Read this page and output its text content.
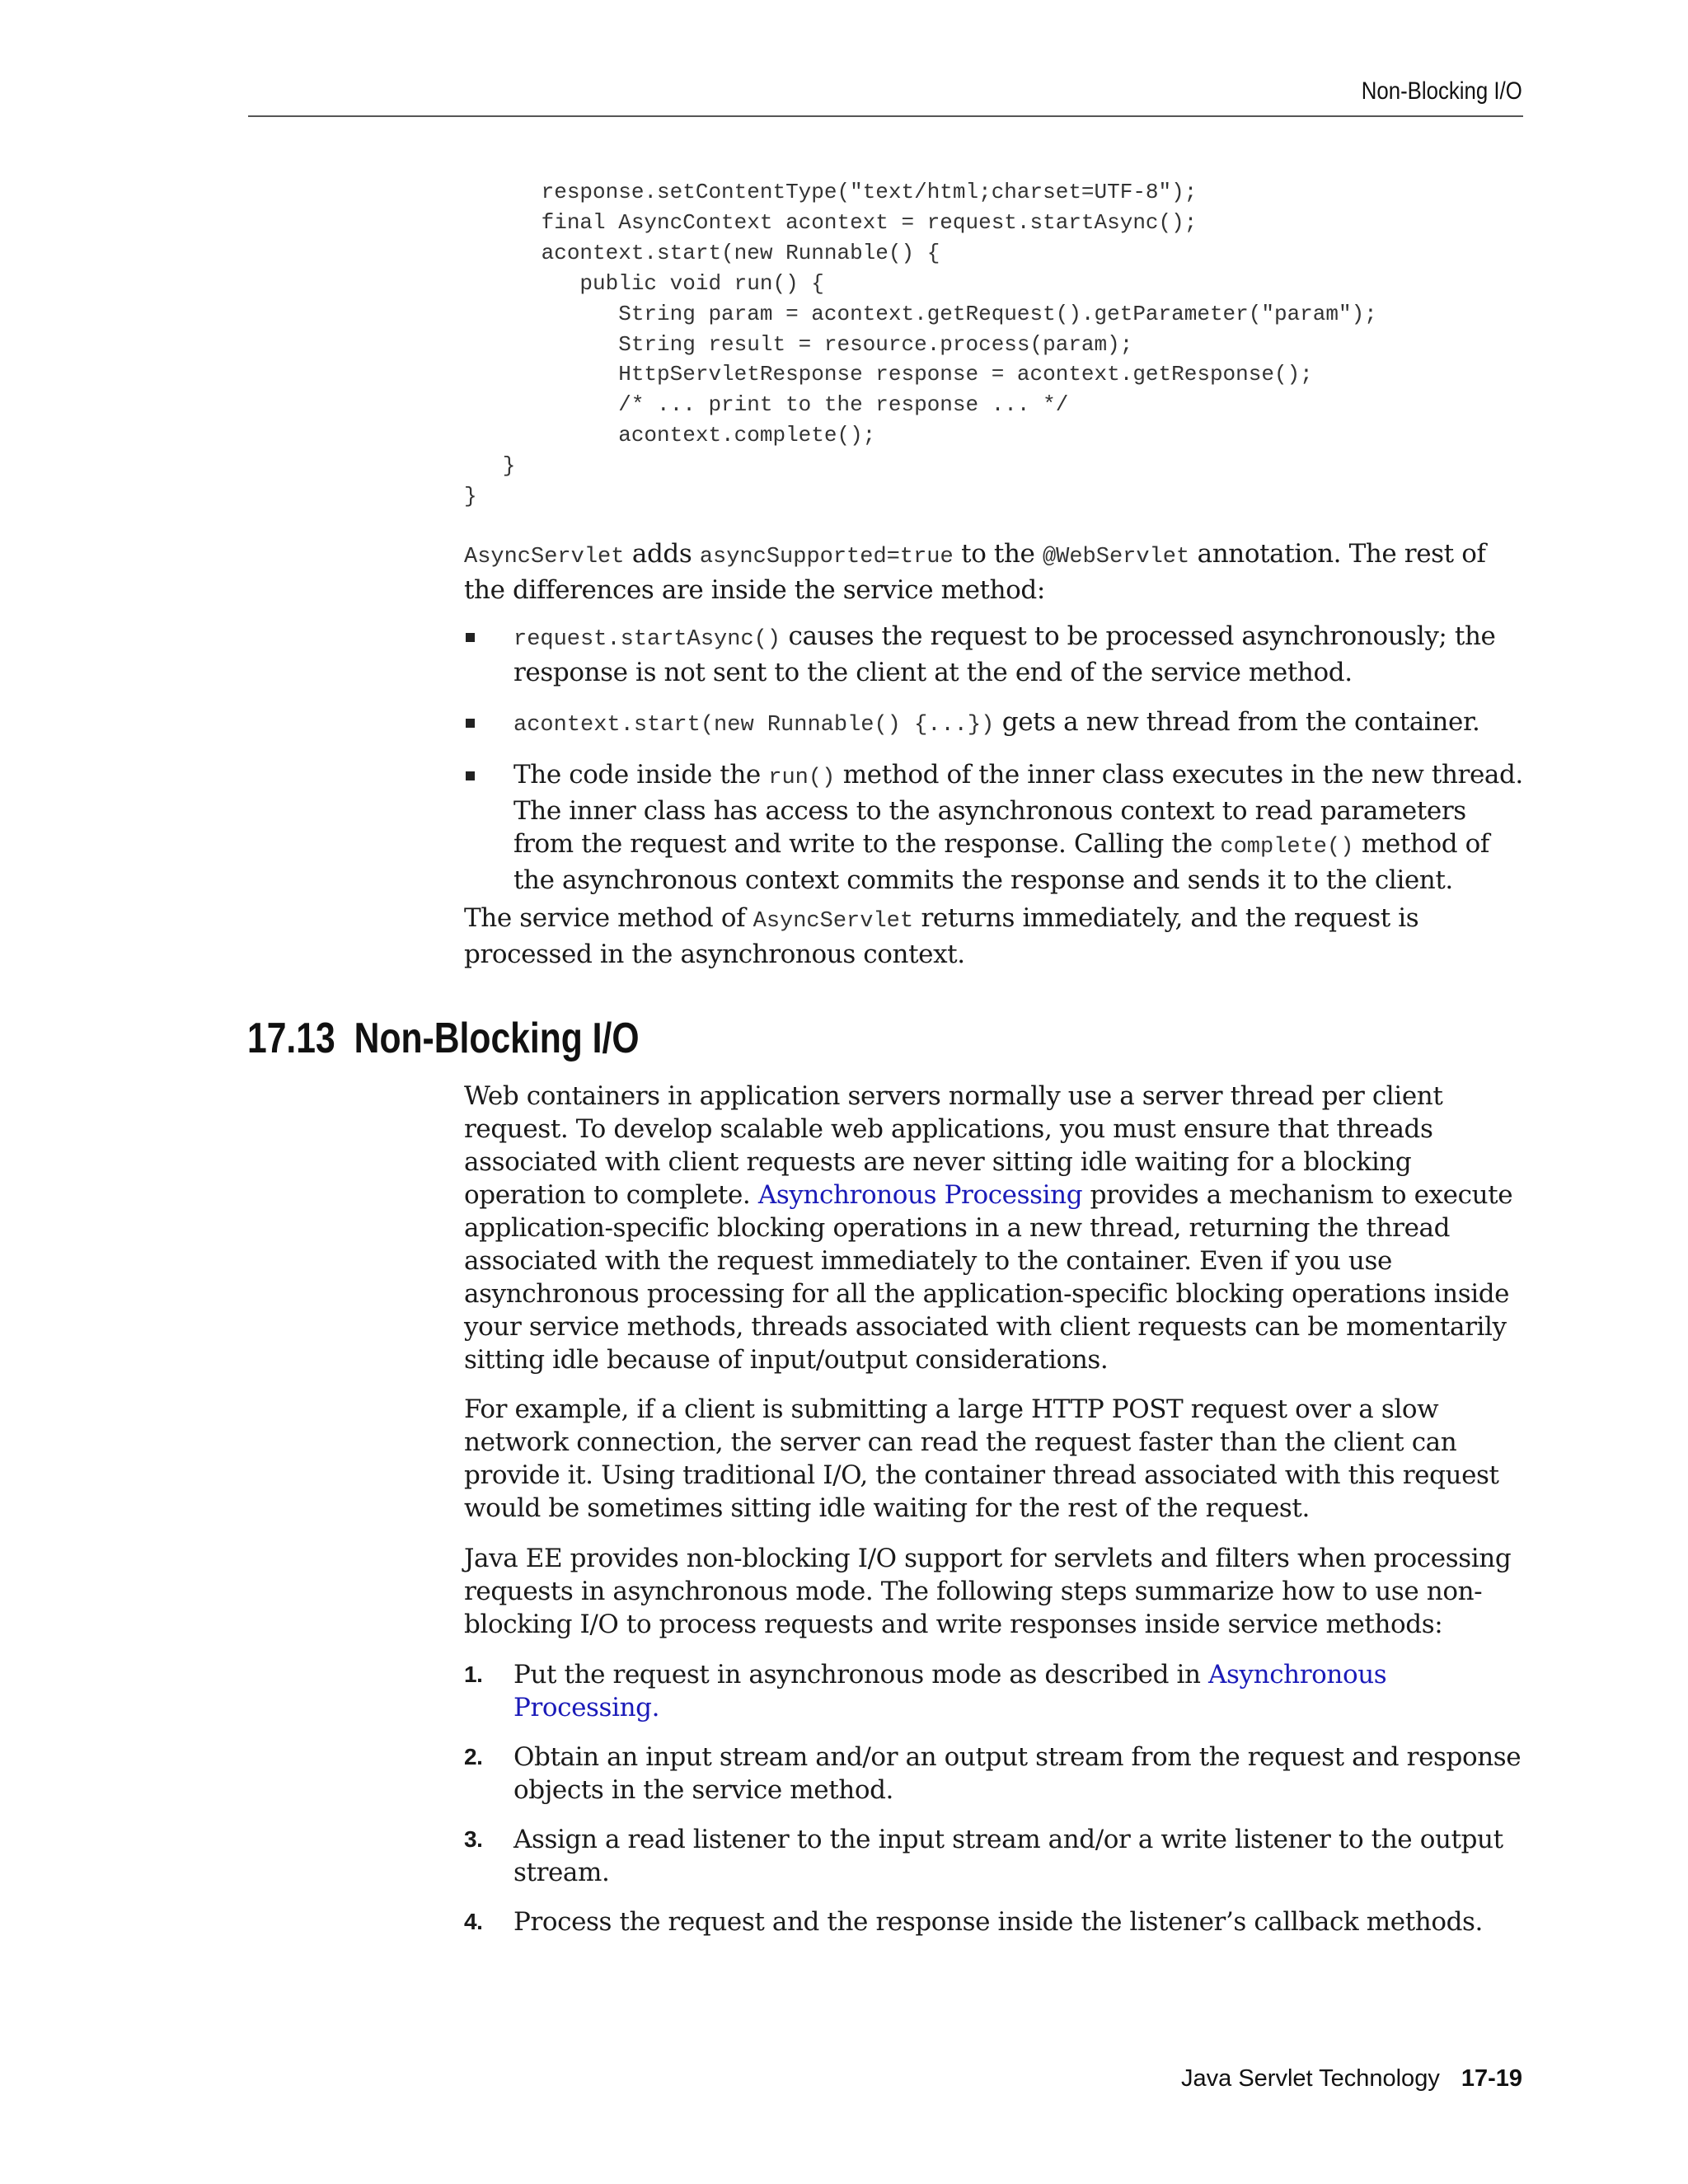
Non-Blocking I/O
response.setContentType("text/html;charset=UTF-8");
final AsyncContext acontext = request.startAsync();
acontext.start(new Runnable() {
public void run() {
String param = acontext.getRequest().getParameter("param");
String result = resource.process(param);
HttpServletResponse response = acontext.getResponse();
/* ... print to the response ... */
acontext.complete();
}
}

AsyncServlet adds asyncSupported=true to the @WebServlet annotation. The rest of the differences are inside the service method:

request.startAsync() causes the request to be processed asynchronously; the response is not sent to the client at the end of the service method.
acontext.start(new Runnable() {...}) gets a new thread from the container.
The code inside the run() method of the inner class executes in the new thread. The inner class has access to the asynchronous context to read parameters from the request and write to the response. Calling the complete() method of the asynchronous context commits the response and sends it to the client.

The service method of AsyncServlet returns immediately, and the request is processed in the asynchronous context.

17.13 Non-Blocking I/O

Web containers in application servers normally use a server thread per client request. To develop scalable web applications, you must ensure that threads associated with client requests are never sitting idle waiting for a blocking operation to complete. Asynchronous Processing provides a mechanism to execute application-specific blocking operations in a new thread, returning the thread associated with the request immediately to the container. Even if you use asynchronous processing for all the application-specific blocking operations inside your service methods, threads associated with client requests can be momentarily sitting idle because of input/output considerations.

For example, if a client is submitting a large HTTP POST request over a slow network connection, the server can read the request faster than the client can provide it. Using traditional I/O, the container thread associated with this request would be sometimes sitting idle waiting for the rest of the request.

Java EE provides non-blocking I/O support for servlets and filters when processing requests in asynchronous mode. The following steps summarize how to use non-blocking I/O to process requests and write responses inside service methods:

1. Put the request in asynchronous mode as described in Asynchronous Processing.
2. Obtain an input stream and/or an output stream from the request and response objects in the service method.
3. Assign a read listener to the input stream and/or a write listener to the output stream.
4. Process the request and the response inside the listener’s callback methods.
Java Servlet Technology 17-19
